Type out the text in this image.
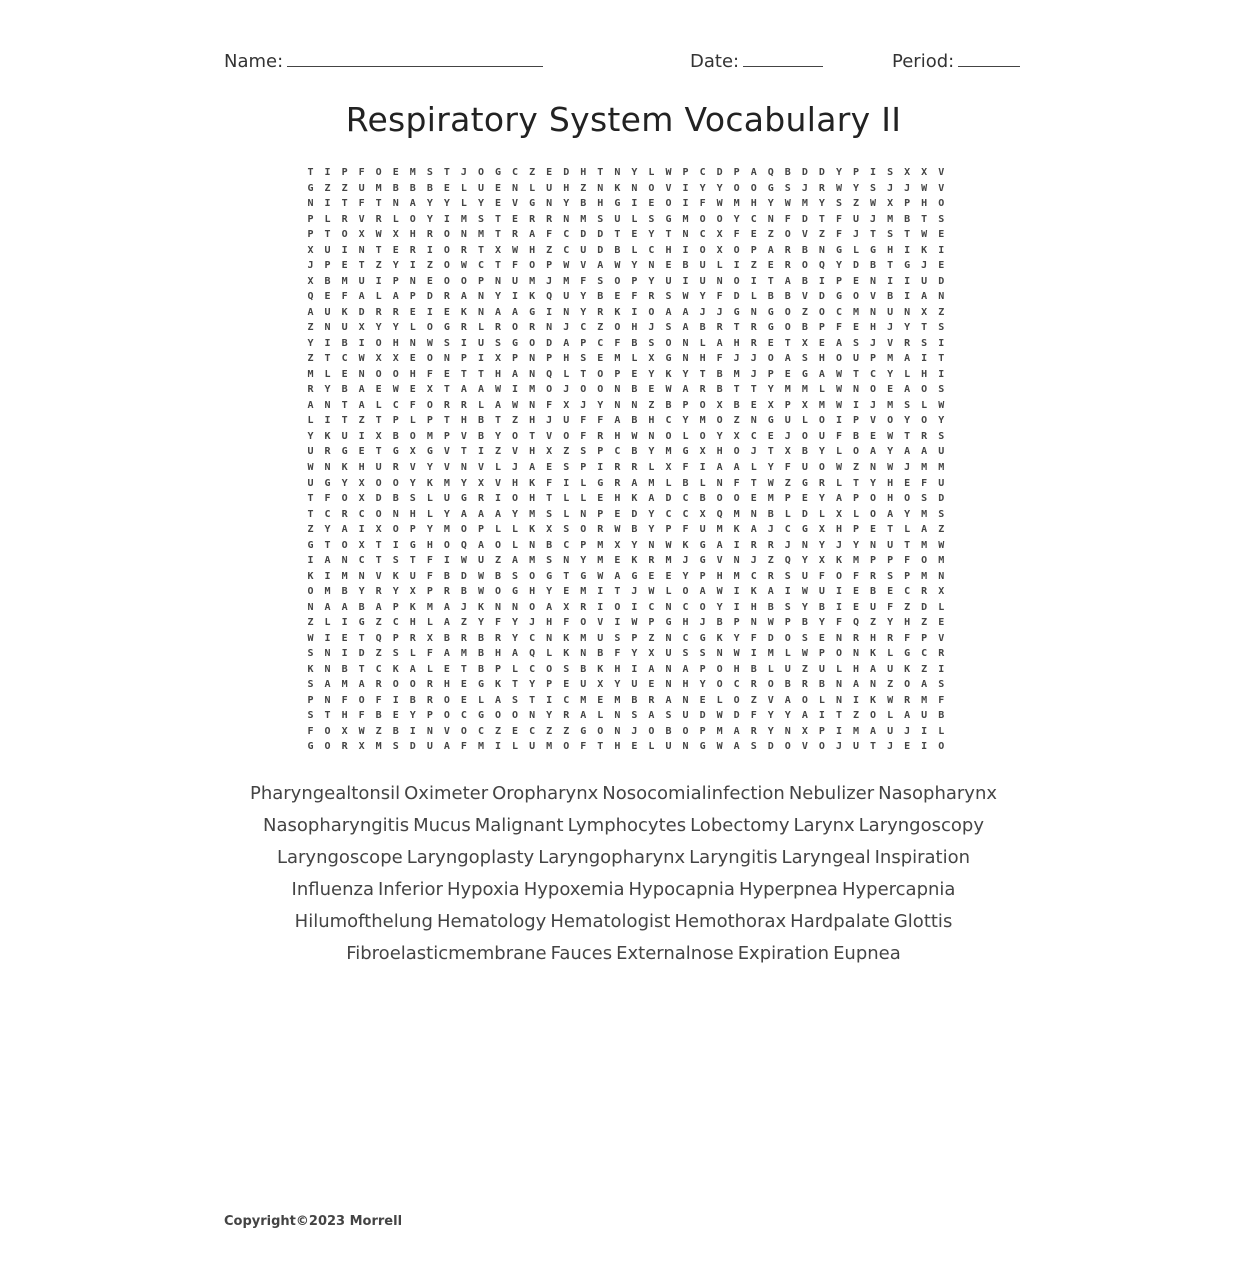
Name:	Date:	Period:
Respiratory System Vocabulary II
T I P F O E M S T J O G C Z E D H T N Y L W P C D P A Q B D D Y P I S X X V
G Z Z U M B B B E L U E N L U H Z N K N O V I Y Y O O G S J R W Y S J J W V
N I T F T N A Y Y L Y E V G N Y B H G I E O I F W M H Y W M Y S Z W X P H O
P L R V R L O Y I M S T E R R N M S U L S G M O O Y C N F D T F U J M B T S
P T O X W X H R O N M T R A F C D D T E Y T N C X F E Z O V Z F J T S T W E
X U I N T E R I O R T X W H Z C U D B L C H I O X O P A R B N G L G H I K I
J P E T Z Y I Z O W C T F O P W V A W Y N E B U L I Z E R O Q Y D B T G J E
X B M U I P N E O O P N U M J M F S O P Y U I U N O I T A B I P E N I I U D
Q E F A L A P D R A N Y I K Q U Y B E F R S W Y F D L B B V D G O V B I A N
A U K D R R E I E K N A A G I N Y R K I O A A J J G N G O Z O C M N U N X Z
Z N U X Y Y L O G R L R O R N J C Z O H J S A B R T R G O B P F E H J Y T S
Y I B I O H N W S I U S G O D A P C F B S O N L A H R E T X E A S J V R S I
Z T C W X X E O N P I X P N P H S E M L X G N H F J J O A S H O U P M A I T
M L E N O O H F E T T H A N Q L T O P E Y K Y T B M J P E G A W T C Y L H I
R Y B A E W E X T A A W I M O J O O N B E W A R B T T Y M M L W N O E A O S
A N T A L C F O R R L A W N F X J Y N N Z B P O X B E X P X M W I J M S L W
L I T Z T P L P T H B T Z H J U F F A B H C Y M O Z N G U L O I P V O Y O Y
Y K U I X B O M P V B Y O T V O F R H W N O L O Y X C E J O U F B E W T R S
U R G E T G X G V T I Z V H X Z S P C B Y M G X H O J T X B Y L O A Y A A U
W N K H U R V Y V N V L J A E S P I R R L X F I A A L Y F U O W Z N W J M M
U G Y X O O Y K M Y X V H K F I L G R A M L B L N F T W Z G R L T Y H E F U
T F O X D B S L U G R I O H T L L E H K A D C B O O E M P E Y A P O H O S D
T C R C O N H L Y A A A Y M S L N P E D Y C C X Q M N B L D L X L O A Y M S
Z Y A I X O P Y M O P L L K X S O R W B Y P F U M K A J C G X H P E T L A Z
G T O X T I G H O Q A O L N B C P M X Y N W K G A I R R J N Y J Y N U T M W
I A N C T S T F I W U Z A M S N Y M E K R M J G V N J Z Q Y X K M P P F O M
K I M N V K U F B D W B S O G T G W A G E E Y P H M C R S U F O F R S P M N
O M B Y R Y X P R B W O G H Y E M I T J W L O A W I K A I W U I E B E C R X
N A A B A P K M A J K N N O A X R I O I C N C O Y I H B S Y B I E U F Z D L
Z L I G Z C H L A Z Y F Y J H F O V I W P G H J B P N W P B Y F Q Z Y H Z E
W I E T Q P R X B R B R Y C N K M U S P Z N C G K Y F D O S E N R H R F P V
S N I D Z S L F A M B H A Q L K N B F Y X U S S N W I M L W P O N K L G C R
K N B T C K A L E T B P L C O S B K H I A N A P O H B L U Z U L H A U K Z I
S A M A R O O R H E G K T Y P E U X Y U E N H Y O C R O B R B N A N Z O A S
P N F O F I B R O E L A S T I C M E M B R A N E L O Z V A O L N I K W R M F
S T H F B E Y P O C G O O N Y R A L N S A S U D W D F Y Y A I T Z O L A U B
F O X W Z B I N V O C Z E C Z Z G O N J O B O P M A R Y N X P I M A U J I L
G O R X M S D U A F M I L U M O F T H E L U N G W A S D O V O J U T J E I O
Pharyngealtonsil Oximeter Oropharynx Nosocomialinfection Nebulizer Nasopharynx
Nasopharyngitis Mucus Malignant Lymphocytes Lobectomy Larynx Laryngoscopy
Laryngoscope Laryngoplasty Laryngopharynx Laryngitis Laryngeal Inspiration
Influenza Inferior Hypoxia Hypoxemia Hypocapnia Hyperpnea Hypercapnia
Hilumofthelung Hematology Hematologist Hemothorax Hardpalate Glottis
Fibroelasticmembrane Fauces Externalnose Expiration Eupnea
Copyright©2023 Morrell
